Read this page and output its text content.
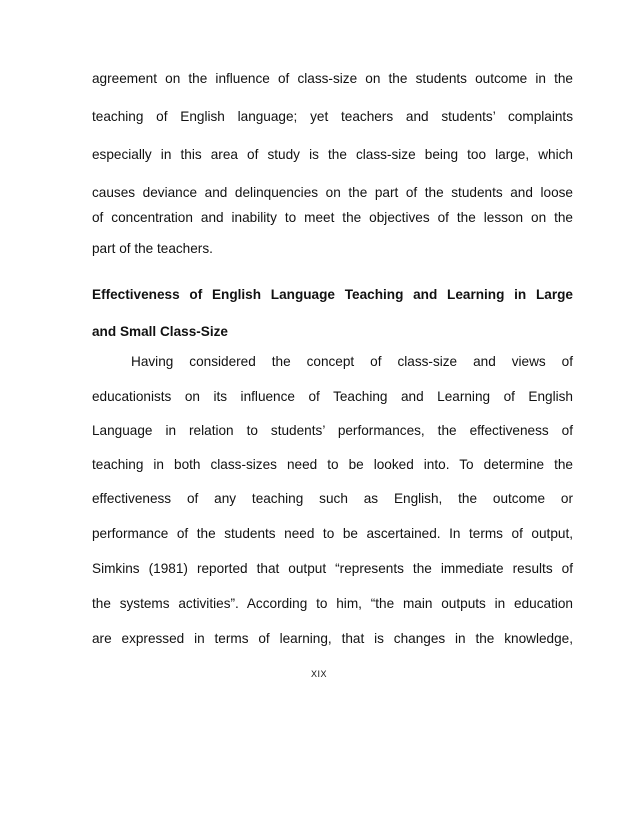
agreement on the influence of class-size on the students outcome in the
teaching of English language; yet teachers and students’ complaints
especially in this area of study is the class-size being too large, which
causes deviance and delinquencies on the part of the students and loose
of concentration and inability to meet the objectives of the lesson on the
part of the teachers.
Effectiveness of English Language Teaching and Learning in Large
and Small Class-Size
Having considered the concept of class-size and views of
educationists on its influence of Teaching and Learning of English
Language in relation to students’ performances, the effectiveness of
teaching in both class-sizes need to be looked into. To determine the
effectiveness of any teaching such as English, the outcome or
performance of the students need to be ascertained. In terms of output,
Simkins (1981) reported that output “represents the immediate results of
the systems activities”. According to him, “the main outputs in education
are expressed in terms of learning, that is changes in the knowledge,
XIX
